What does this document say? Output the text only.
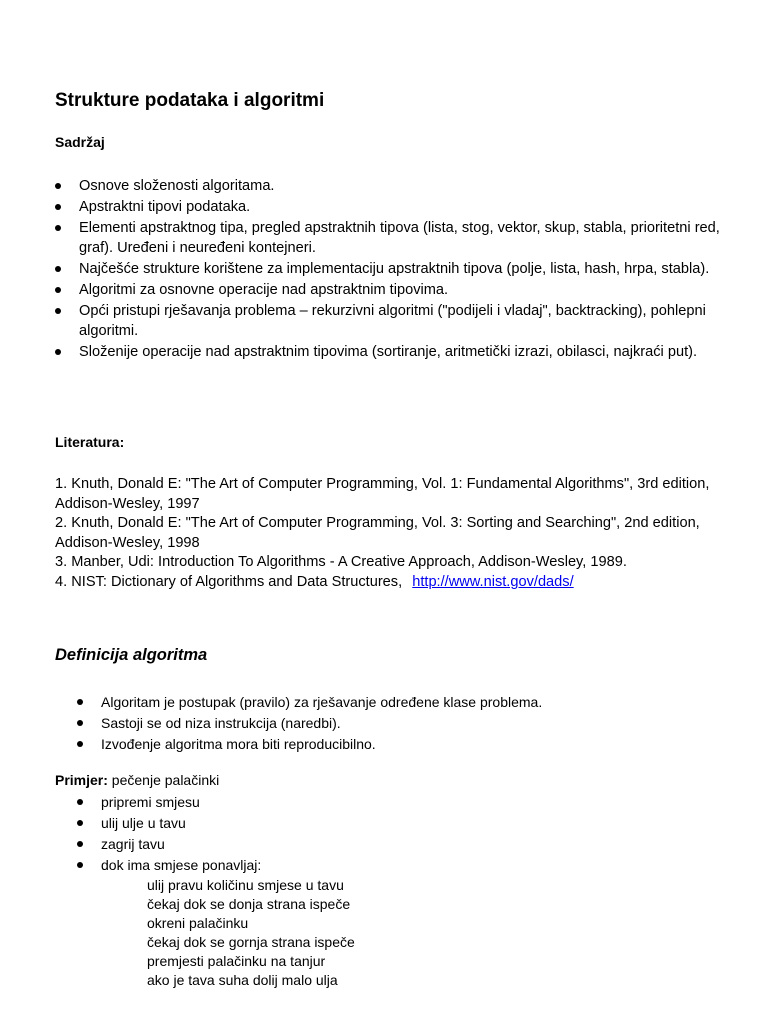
Strukture podataka i algoritmi
Sadržaj
Osnove složenosti algoritama.
Apstraktni tipovi podataka.
Elementi apstraktnog tipa, pregled apstraktnih tipova (lista, stog, vektor, skup, stabla, prioritetni red, graf). Uređeni i neuređeni kontejneri.
Najčešće strukture korištene za implementaciju apstraktnih tipova (polje, lista, hash, hrpa, stabla).
Algoritmi za osnovne operacije nad apstraktnim tipovima.
Opći pristupi rješavanja problema – rekurzivni algoritmi ("podijeli i vladaj", backtracking), pohlepni algoritmi.
Složenije operacije nad apstraktnim tipovima (sortiranje, aritmetički izrazi, obilasci, najkraći put).
Literatura:
1. Knuth, Donald E: "The Art of Computer Programming, Vol. 1: Fundamental Algorithms", 3rd edition, Addison-Wesley, 1997
2. Knuth, Donald E: "The Art of Computer Programming, Vol. 3: Sorting and Searching", 2nd edition, Addison-Wesley, 1998
3. Manber, Udi: Introduction To Algorithms - A Creative Approach, Addison-Wesley, 1989.
4. NIST: Dictionary of Algorithms and Data Structures, http://www.nist.gov/dads/
Definicija algoritma
Algoritam je postupak (pravilo) za rješavanje određene klase problema.
Sastoji se od niza instrukcija (naredbi).
Izvođenje algoritma mora biti reproducibilno.
Primjer: pečenje palačinki
pripremi smjesu
ulij ulje u tavu
zagrij tavu
dok ima smjese ponavljaj:
ulij pravu količinu smjese u tavu
čekaj dok se donja strana ispeče
okreni palačinku
čekaj dok se gornja strana ispeče
premjesti palačinku na tanjur
ako je tava suha dolij malo ulja
